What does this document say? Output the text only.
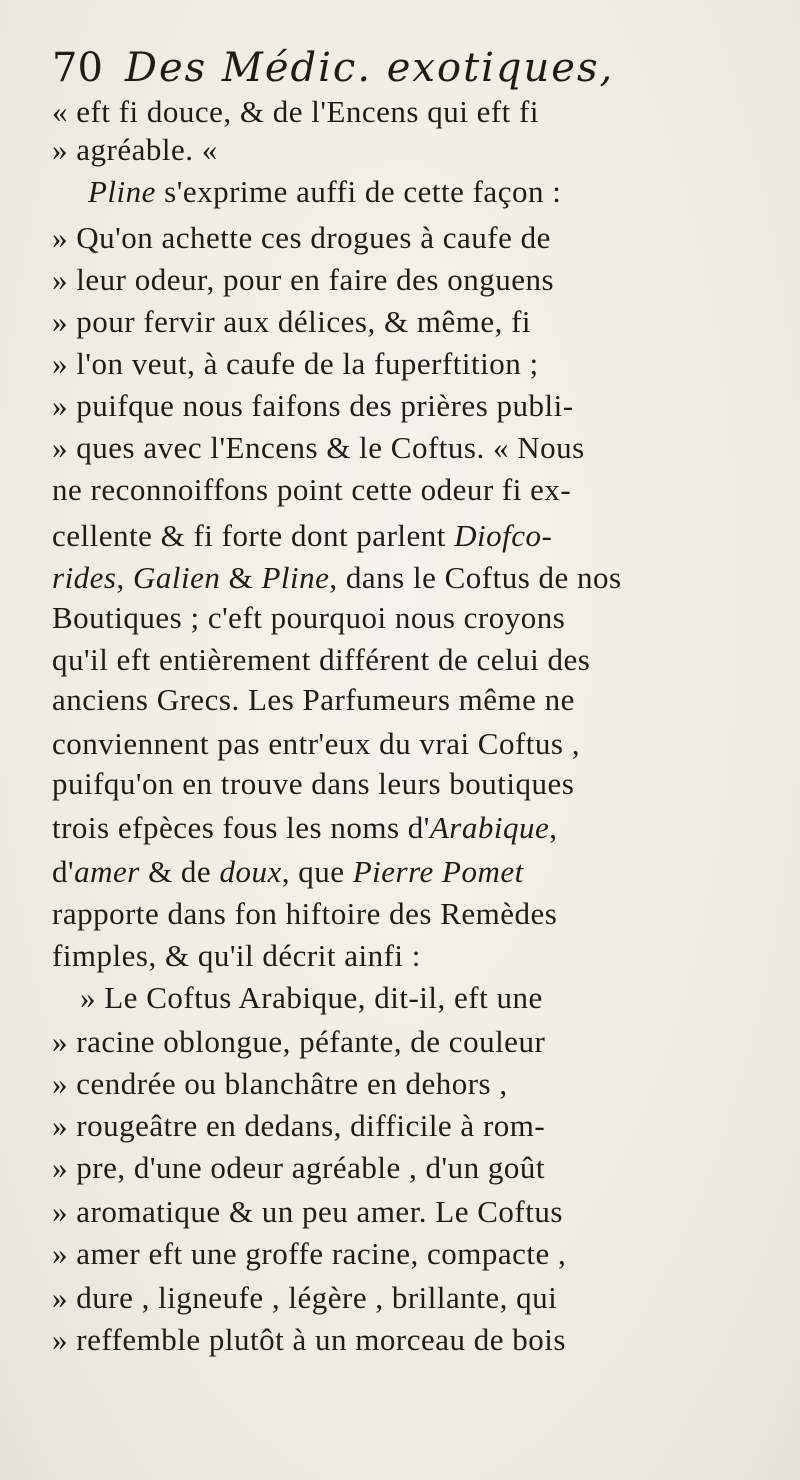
70 Des Médic. exotiques,
« eft fi douce, & de l'Encens qui eft fi
» agréable. «
Pline s'exprime auffi de cette façon :
» Qu'on achette ces drogues à caufe de
» leur odeur, pour en faire des onguens
» pour fervir aux délices, & même, fi
» l'on veut, à caufe de la fuperftition ;
» puifque nous faifons des prières publi-
» ques avec l'Encens & le Coftus. « Nous
ne reconnoiffons point cette odeur fi ex-
cellente & fi forte dont parlent Diofco-
rides, Galien & Pline, dans le Coftus de nos
Boutiques ; c'eft pourquoi nous croyons
qu'il eft entièrement différent de celui des
anciens Grecs. Les Parfumeurs même ne
conviennent pas entr'eux du vrai Coftus ,
puifqu'on en trouve dans leurs boutiques
trois efpèces fous les noms d'Arabique,
d'amer & de doux, que Pierre Pomet
rapporte dans fon hiftoire des Remèdes
fimples, & qu'il décrit ainfi :
» Le Coftus Arabique, dit-il, eft une
» racine oblongue, péfante, de couleur
» cendrée ou blanchâtre en dehors ,
» rougeâtre en dedans, difficile à rom-
» pre, d'une odeur agréable , d'un goût
» aromatique & un peu amer. Le Coftus
» amer eft une groffe racine, compacte ,
» dure , ligneufe , légère , brillante, qui
» reffemble plutôt à un morceau de bois
